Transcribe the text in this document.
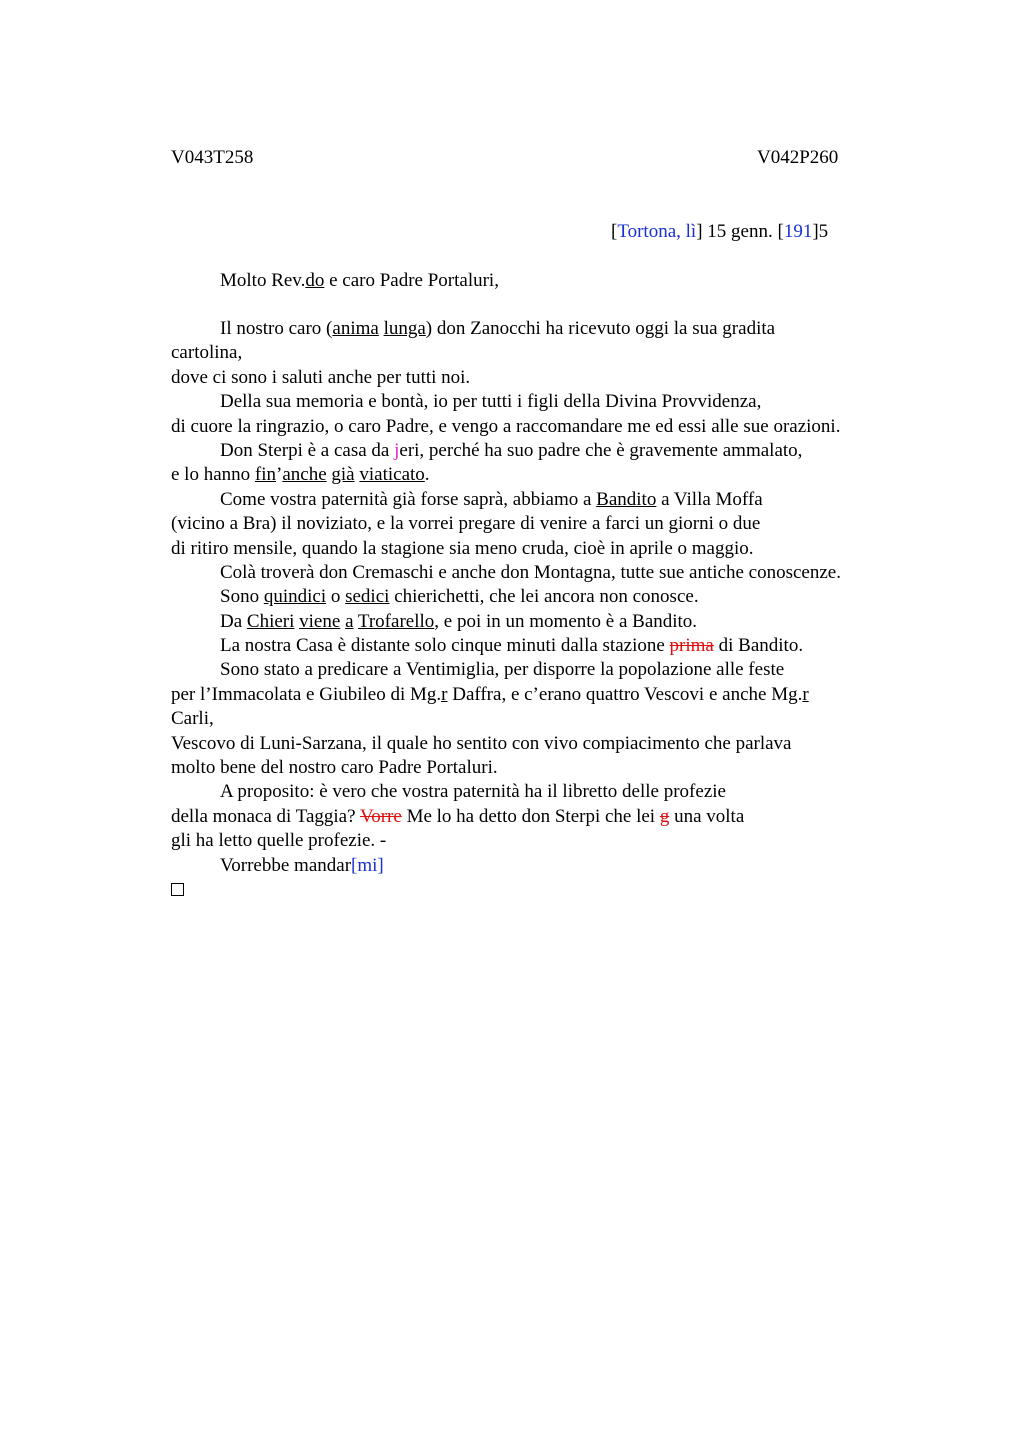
V043T258	V042P260
[Tortona, lì] 15 genn. [191]5
Molto Rev.do e caro Padre Portaluri,
Il nostro caro (anima lunga) don Zanocchi ha ricevuto oggi la sua gradita
cartolina,
dove ci sono i saluti anche per tutti noi.
Della sua memoria e bontà, io per tutti i figli della Divina Provvidenza,
di cuore la ringrazio, o caro Padre, e vengo a raccomandare me ed essi alle sue orazioni.
Don Sterpi è a casa da jeri, perché ha suo padre che è gravemente ammalato,
e lo hanno fin’anche già viaticato.
Come vostra paternità già forse saprà, abbiamo a Bandito a Villa Moffa
(vicino a Bra) il noviziato, e la vorrei pregare di venire a farci un giorni o due
di ritiro mensile, quando la stagione sia meno cruda, cioè in aprile o maggio.
Colà troverà don Cremaschi e anche don Montagna, tutte sue antiche conoscenze.
Sono quindici o sedici chierichetti, che lei ancora non conosce.
Da Chieri viene a Trofarello, e poi in un momento è a Bandito.
La nostra Casa è distante solo cinque minuti dalla stazione prima di Bandito.
Sono stato a predicare a Ventimiglia, per disporre la popolazione alle feste
per l’Immacolata e Giubileo di Mg.r Daffra, e c’erano quattro Vescovi e anche Mg.r
Carli,
Vescovo di Luni-Sarzana, il quale ho sentito con vivo compiacimento che parlava
molto bene del nostro caro Padre Portaluri.
A proposito: è vero che vostra paternità ha il libretto delle profezie
della monaca di Taggia? Vorre Me lo ha detto don Sterpi che lei g una volta
gli ha letto quelle profezie. -
Vorrebbe mandar[mi]
